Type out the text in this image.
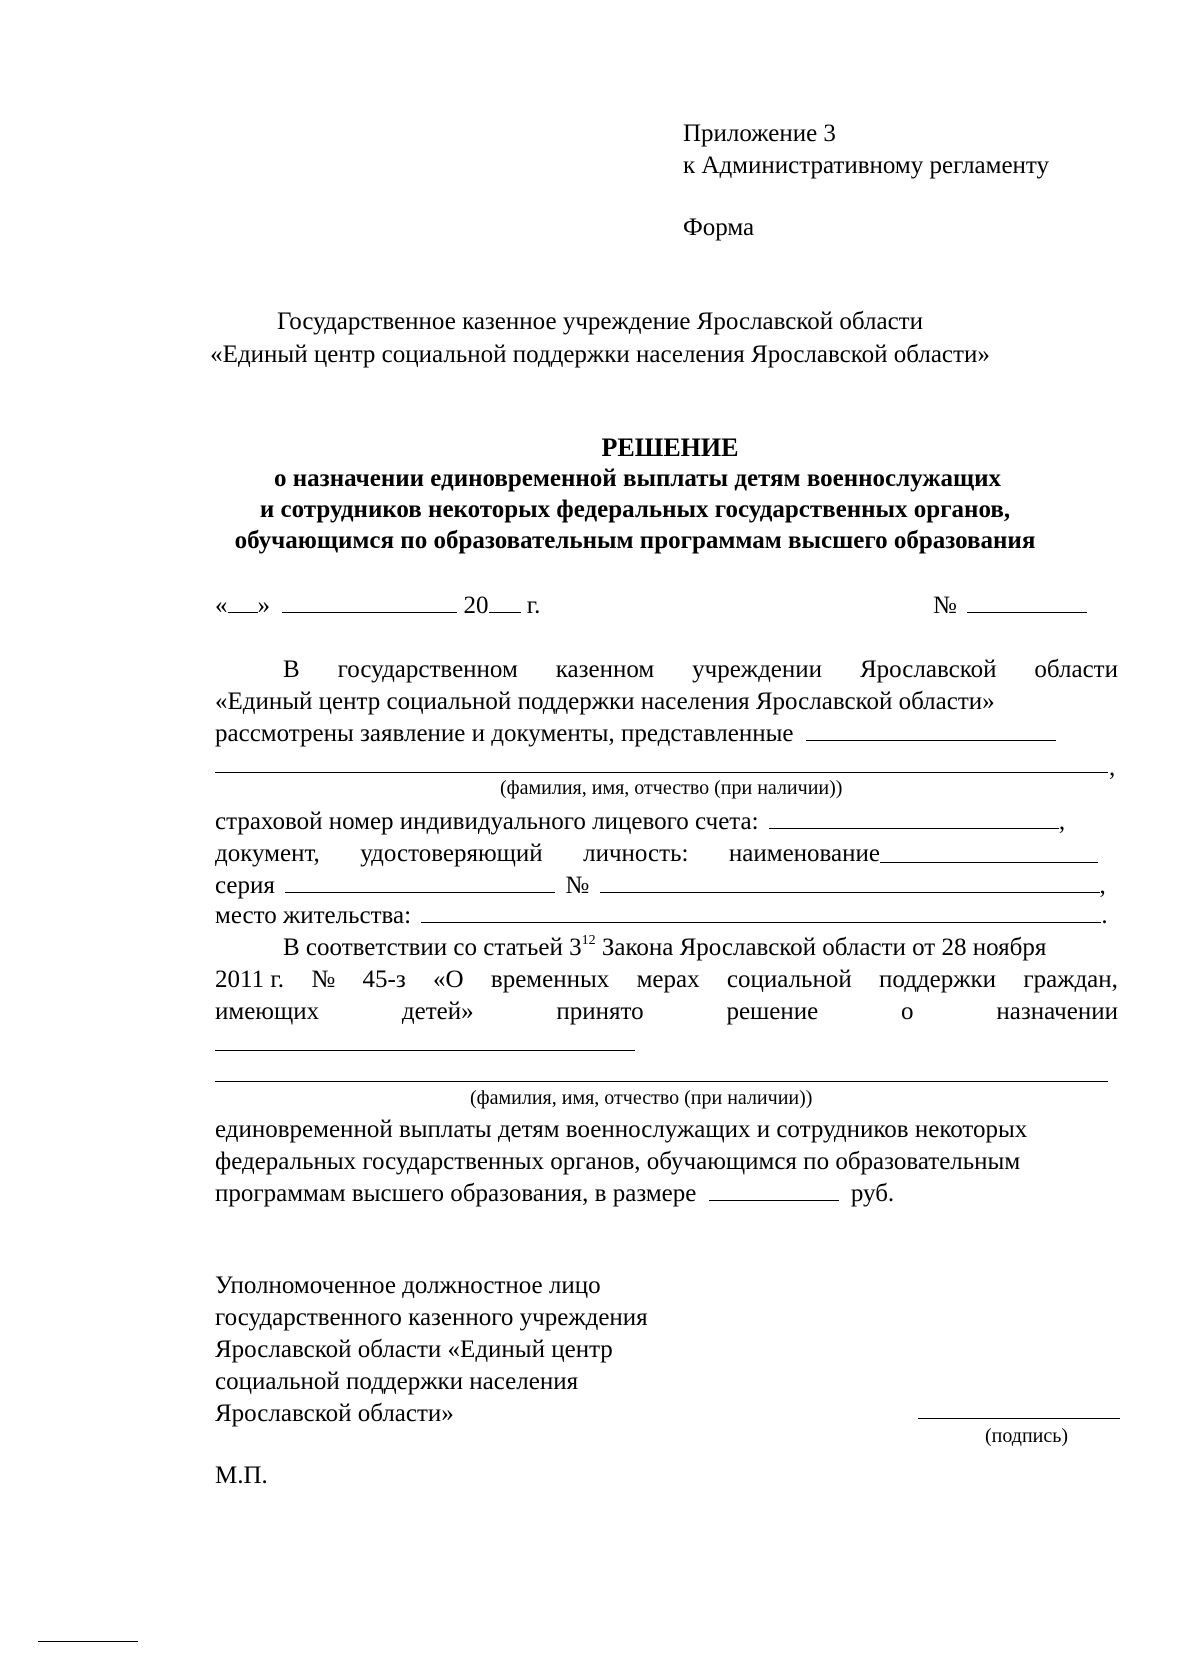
Приложение 3
к Административному регламенту
Форма
Государственное казенное учреждение Ярославской области
«Единый центр социальной поддержки населения Ярославской области»
РЕШЕНИЕ
о назначении единовременной выплаты детям военнослужащих
и сотрудников некоторых федеральных государственных органов,
обучающимся по образовательным программам высшего образования
« »	20 г.	№
В государственном казенном учреждении Ярославской области
«Единый центр социальной поддержки населения Ярославской области»
рассмотрены заявление и документы, представленные
,
(фамилия, имя, отчество (при наличии))
страховой номер индивидуального лицевого счета:	,
документ, удостоверяющий личность: наименование
серия	№	,
место жительства:	.
В соответствии со статьей $3^{12}$ Закона Ярославской области от 28 ноября
2011 г. № 45-з «О временных мерах социальной поддержки граждан,
имеющих	детей»	принято	решение	о	назначении
(фамилия, имя, отчество (при наличии))
единовременной выплаты детям военнослужащих и сотрудников некоторых
федеральных государственных органов, обучающимся по образовательным
программам высшего образования, в размере	руб.
Уполномоченное должностное лицо
государственного казенного учреждения
Ярославской области «Единый центр
социальной поддержки населения
Ярославской области»
(подпись)
М.П.
